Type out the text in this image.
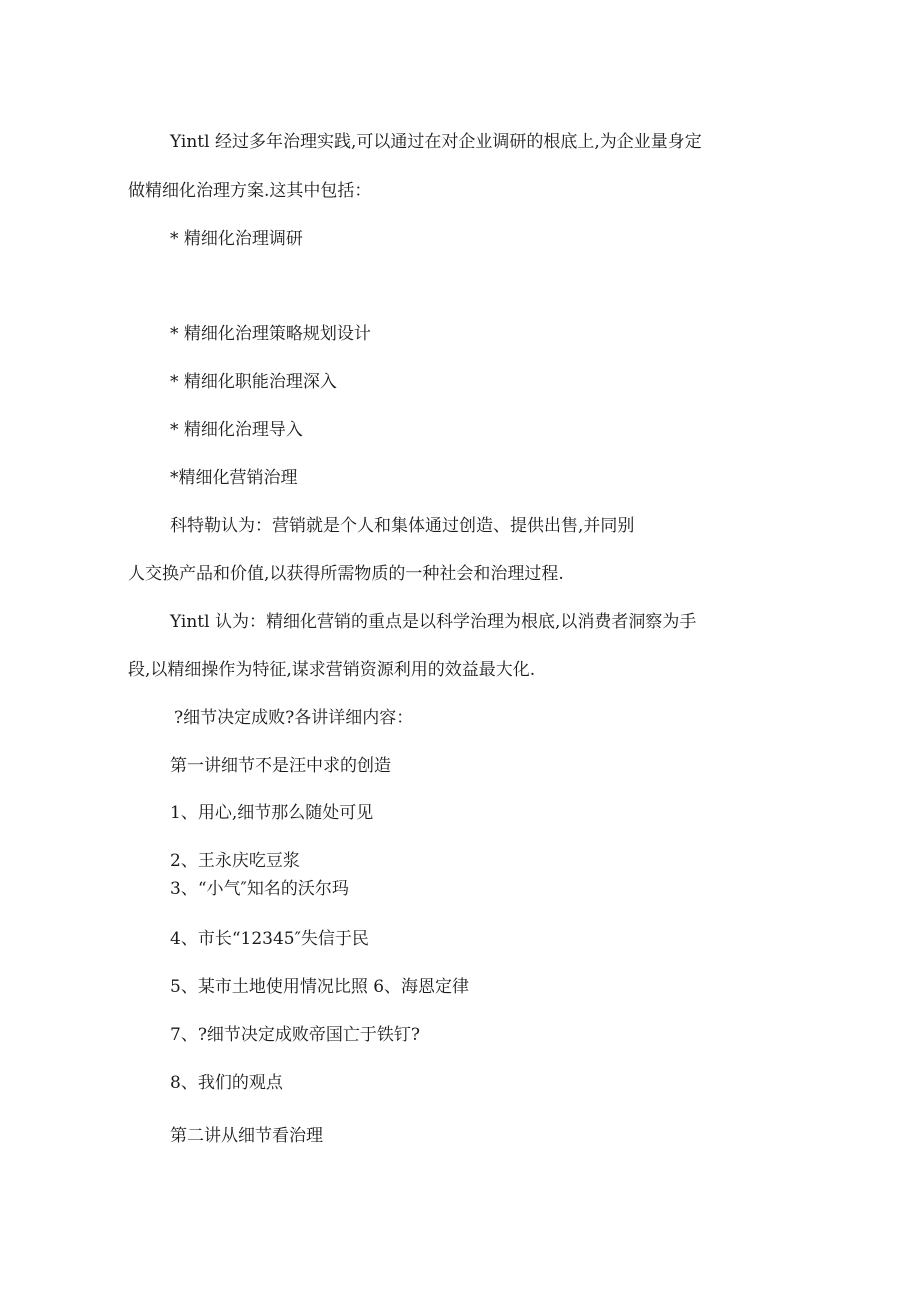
Yintl 经过多年治理实践,可以通过在对企业调研的根底上,为企业量身定
做精细化治理方案.这其中包括：
* 精细化治理调研
* 精细化治理策略规划设计
* 精细化职能治理深入
* 精细化治理导入
*精细化营销治理
科特勒认为：营销就是个人和集体通过创造、提供出售,并同别
人交换产品和价值,以获得所需物质的一种社会和治理过程.
Yintl 认为：精细化营销的重点是以科学治理为根底,以消费者洞察为手
段,以精细操作为特征,谋求营销资源利用的效益最大化.
?细节决定成败?各讲详细内容：
第一讲细节不是汪中求的创造
1、用心,细节那么随处可见
2、王永庆吃豆浆
3、“小气″知名的沃尔玛
4、市长“12345″失信于民
5、某市土地使用情况比照 6、海恩定律
7、?细节决定成败帝国亡于铁钉?
8、我们的观点
第二讲从细节看治理
